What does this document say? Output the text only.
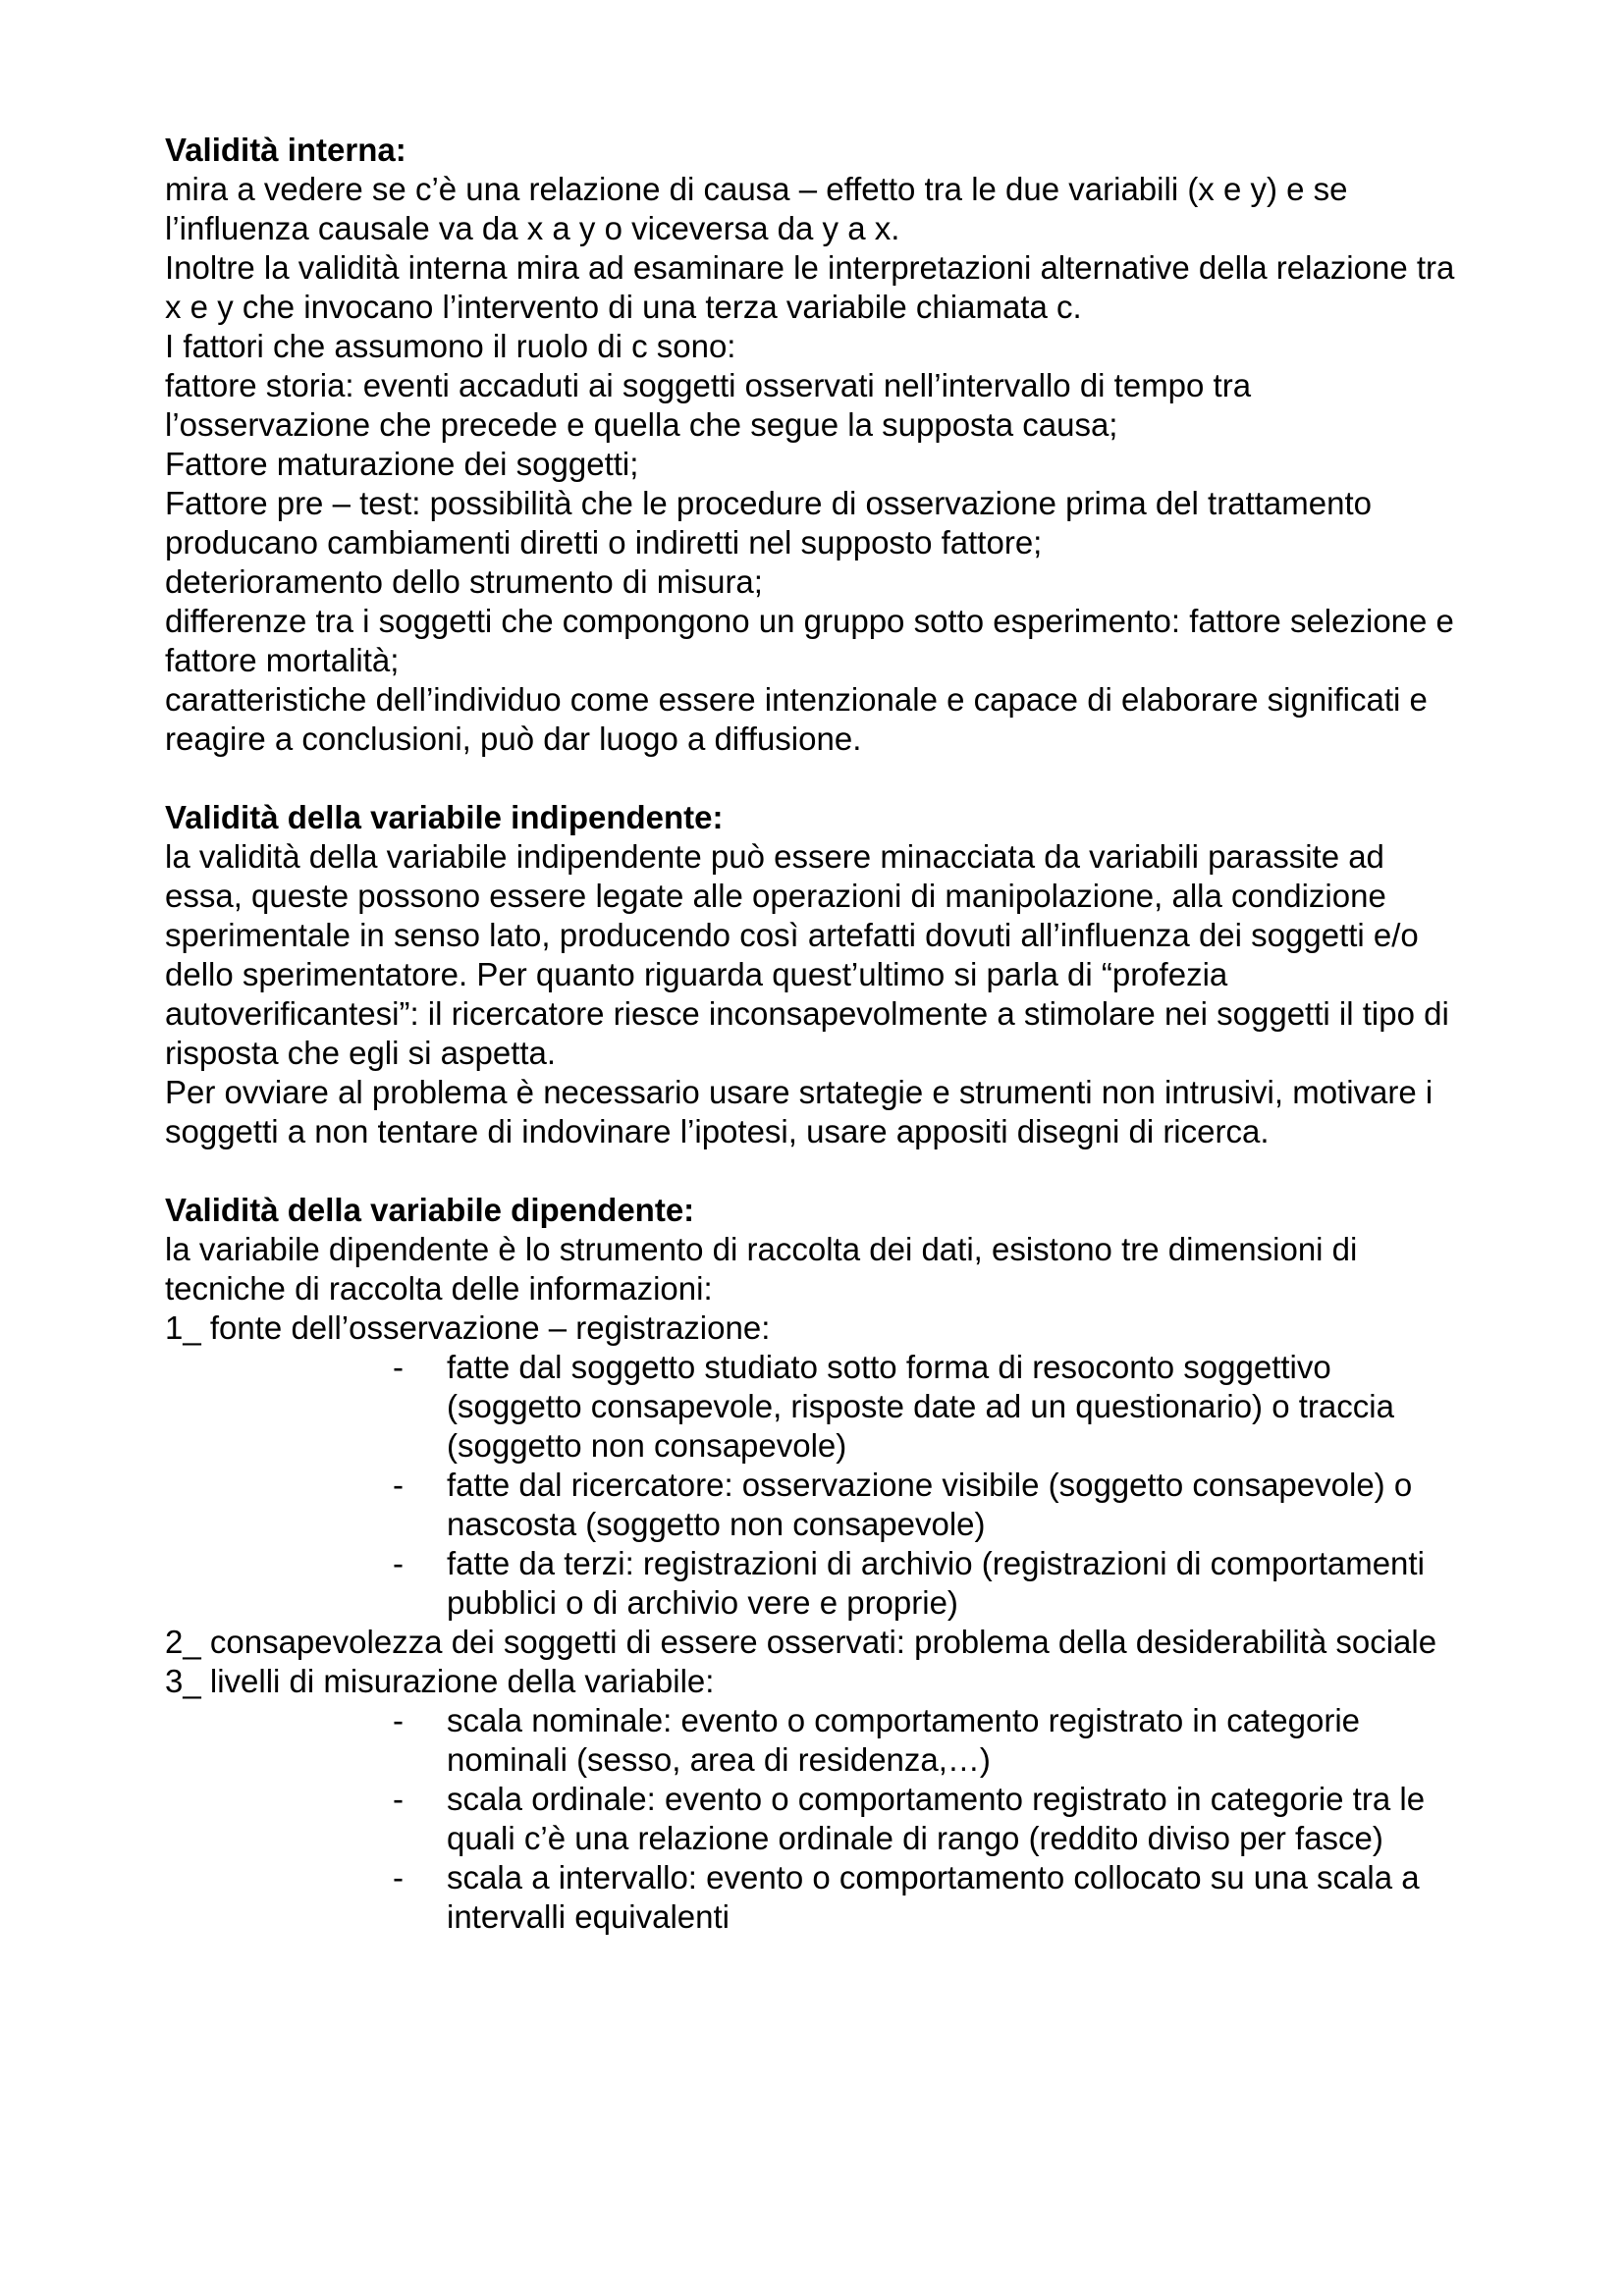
Validità interna:
mira a vedere se c’è una relazione di causa – effetto tra le due variabili (x e y) e se l’influenza causale va da x a y o viceversa da y a x.
Inoltre la validità interna mira ad esaminare le interpretazioni alternative della relazione tra x e y che invocano l’intervento di una terza variabile chiamata c.
I fattori che assumono il ruolo di c sono:
fattore storia: eventi accaduti ai soggetti osservati nell’intervallo di tempo tra l’osservazione che precede e quella che segue la supposta causa;
Fattore maturazione dei soggetti;
Fattore pre – test: possibilità che le procedure di osservazione prima del trattamento producano cambiamenti diretti o indiretti nel supposto fattore;
deterioramento dello strumento di misura;
differenze tra i soggetti che compongono un gruppo sotto esperimento: fattore selezione e fattore mortalità;
caratteristiche dell’individuo come essere intenzionale e capace di elaborare significati e reagire a conclusioni, può dar luogo a diffusione.
Validità della variabile indipendente:
la validità della variabile indipendente può essere minacciata da variabili parassite ad essa, queste possono essere legate alle operazioni di manipolazione, alla condizione sperimentale in senso lato, producendo così artefatti dovuti all’influenza dei soggetti e/o dello sperimentatore. Per quanto riguarda quest’ultimo si parla di “profezia autoverificantesi”: il ricercatore riesce inconsapevolmente a stimolare nei soggetti il tipo di risposta che egli si aspetta.
Per ovviare al problema è necessario usare srtategie e strumenti non intrusivi, motivare i soggetti a non tentare di indovinare l’ipotesi, usare appositi disegni di ricerca.
Validità della variabile dipendente:
la variabile dipendente è lo strumento di raccolta dei dati, esistono tre dimensioni di tecniche di raccolta delle informazioni:
1_ fonte dell’osservazione – registrazione:
-	fatte dal soggetto studiato sotto forma di resoconto soggettivo (soggetto consapevole, risposte date ad un questionario) o traccia (soggetto non consapevole)
-	fatte dal ricercatore: osservazione visibile (soggetto consapevole) o nascosta (soggetto non consapevole)
-	fatte da terzi: registrazioni di archivio (registrazioni di comportamenti pubblici o di archivio vere e proprie)
2_ consapevolezza dei soggetti di essere osservati: problema della desiderabilità sociale
3_ livelli di misurazione della variabile:
-	scala nominale: evento o comportamento registrato in categorie nominali (sesso, area di residenza,…)
-	scala ordinale: evento o comportamento registrato in categorie tra le quali c’è una relazione ordinale di rango (reddito diviso per fasce)
-	scala a intervallo: evento o comportamento collocato su una scala a intervalli equivalenti
